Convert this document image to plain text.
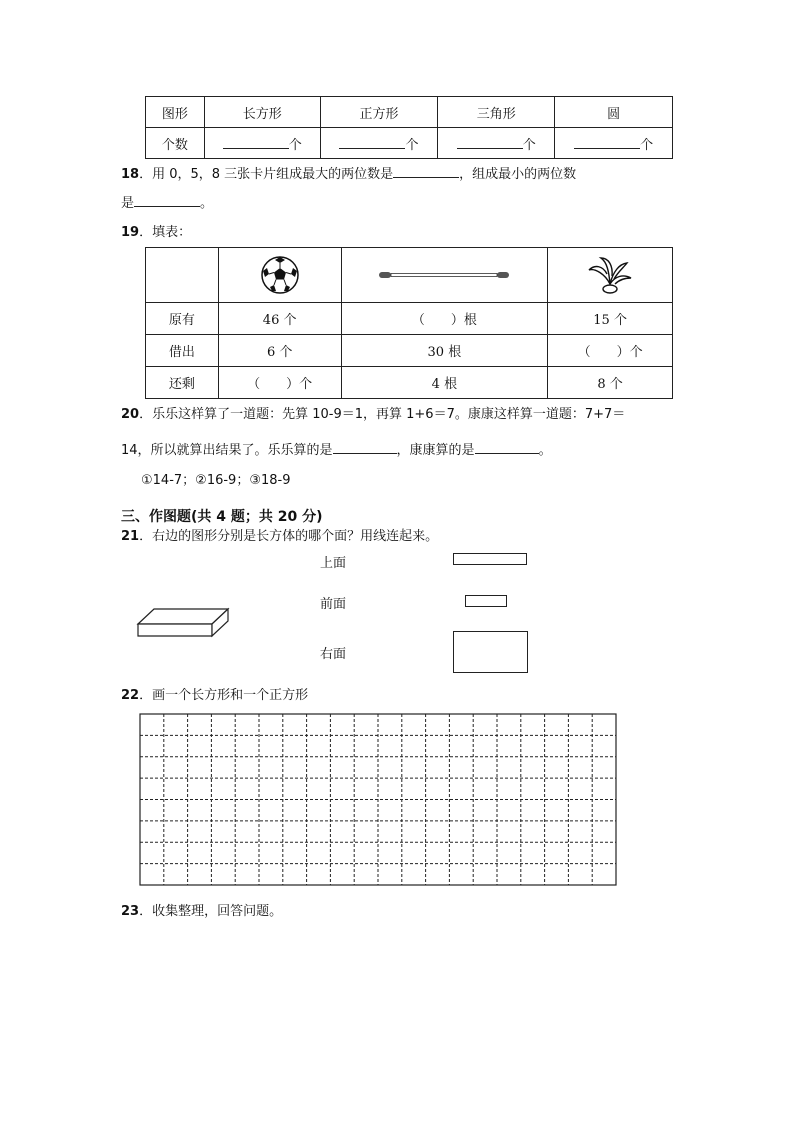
图形	长方形	正方形	三角形	圆
个数	个	个	个	个
18．用 0，5，8 三张卡片组成最大的两位数是	，组成最小的两位数
是	。
19．填表：

原有	46 个	（　　）根	15 个
借出	6 个	30 根	（　　）个
还剩	（　　）个	4 根	8 个
20．乐乐这样算了一道题：先算 10-9＝1，再算 1+6＝7。康康这样算一道题：7+7＝
14，所以就算出结果了。乐乐算的是	，康康算的是	。
①14-7；②16-9；③18-9
三、作图题(共 4 题；共 20 分)
21．右边的图形分别是长方体的哪个面？用线连起来。
上面
前面
右面
22．画一个长方形和一个正方形
23．收集整理，回答问题。
